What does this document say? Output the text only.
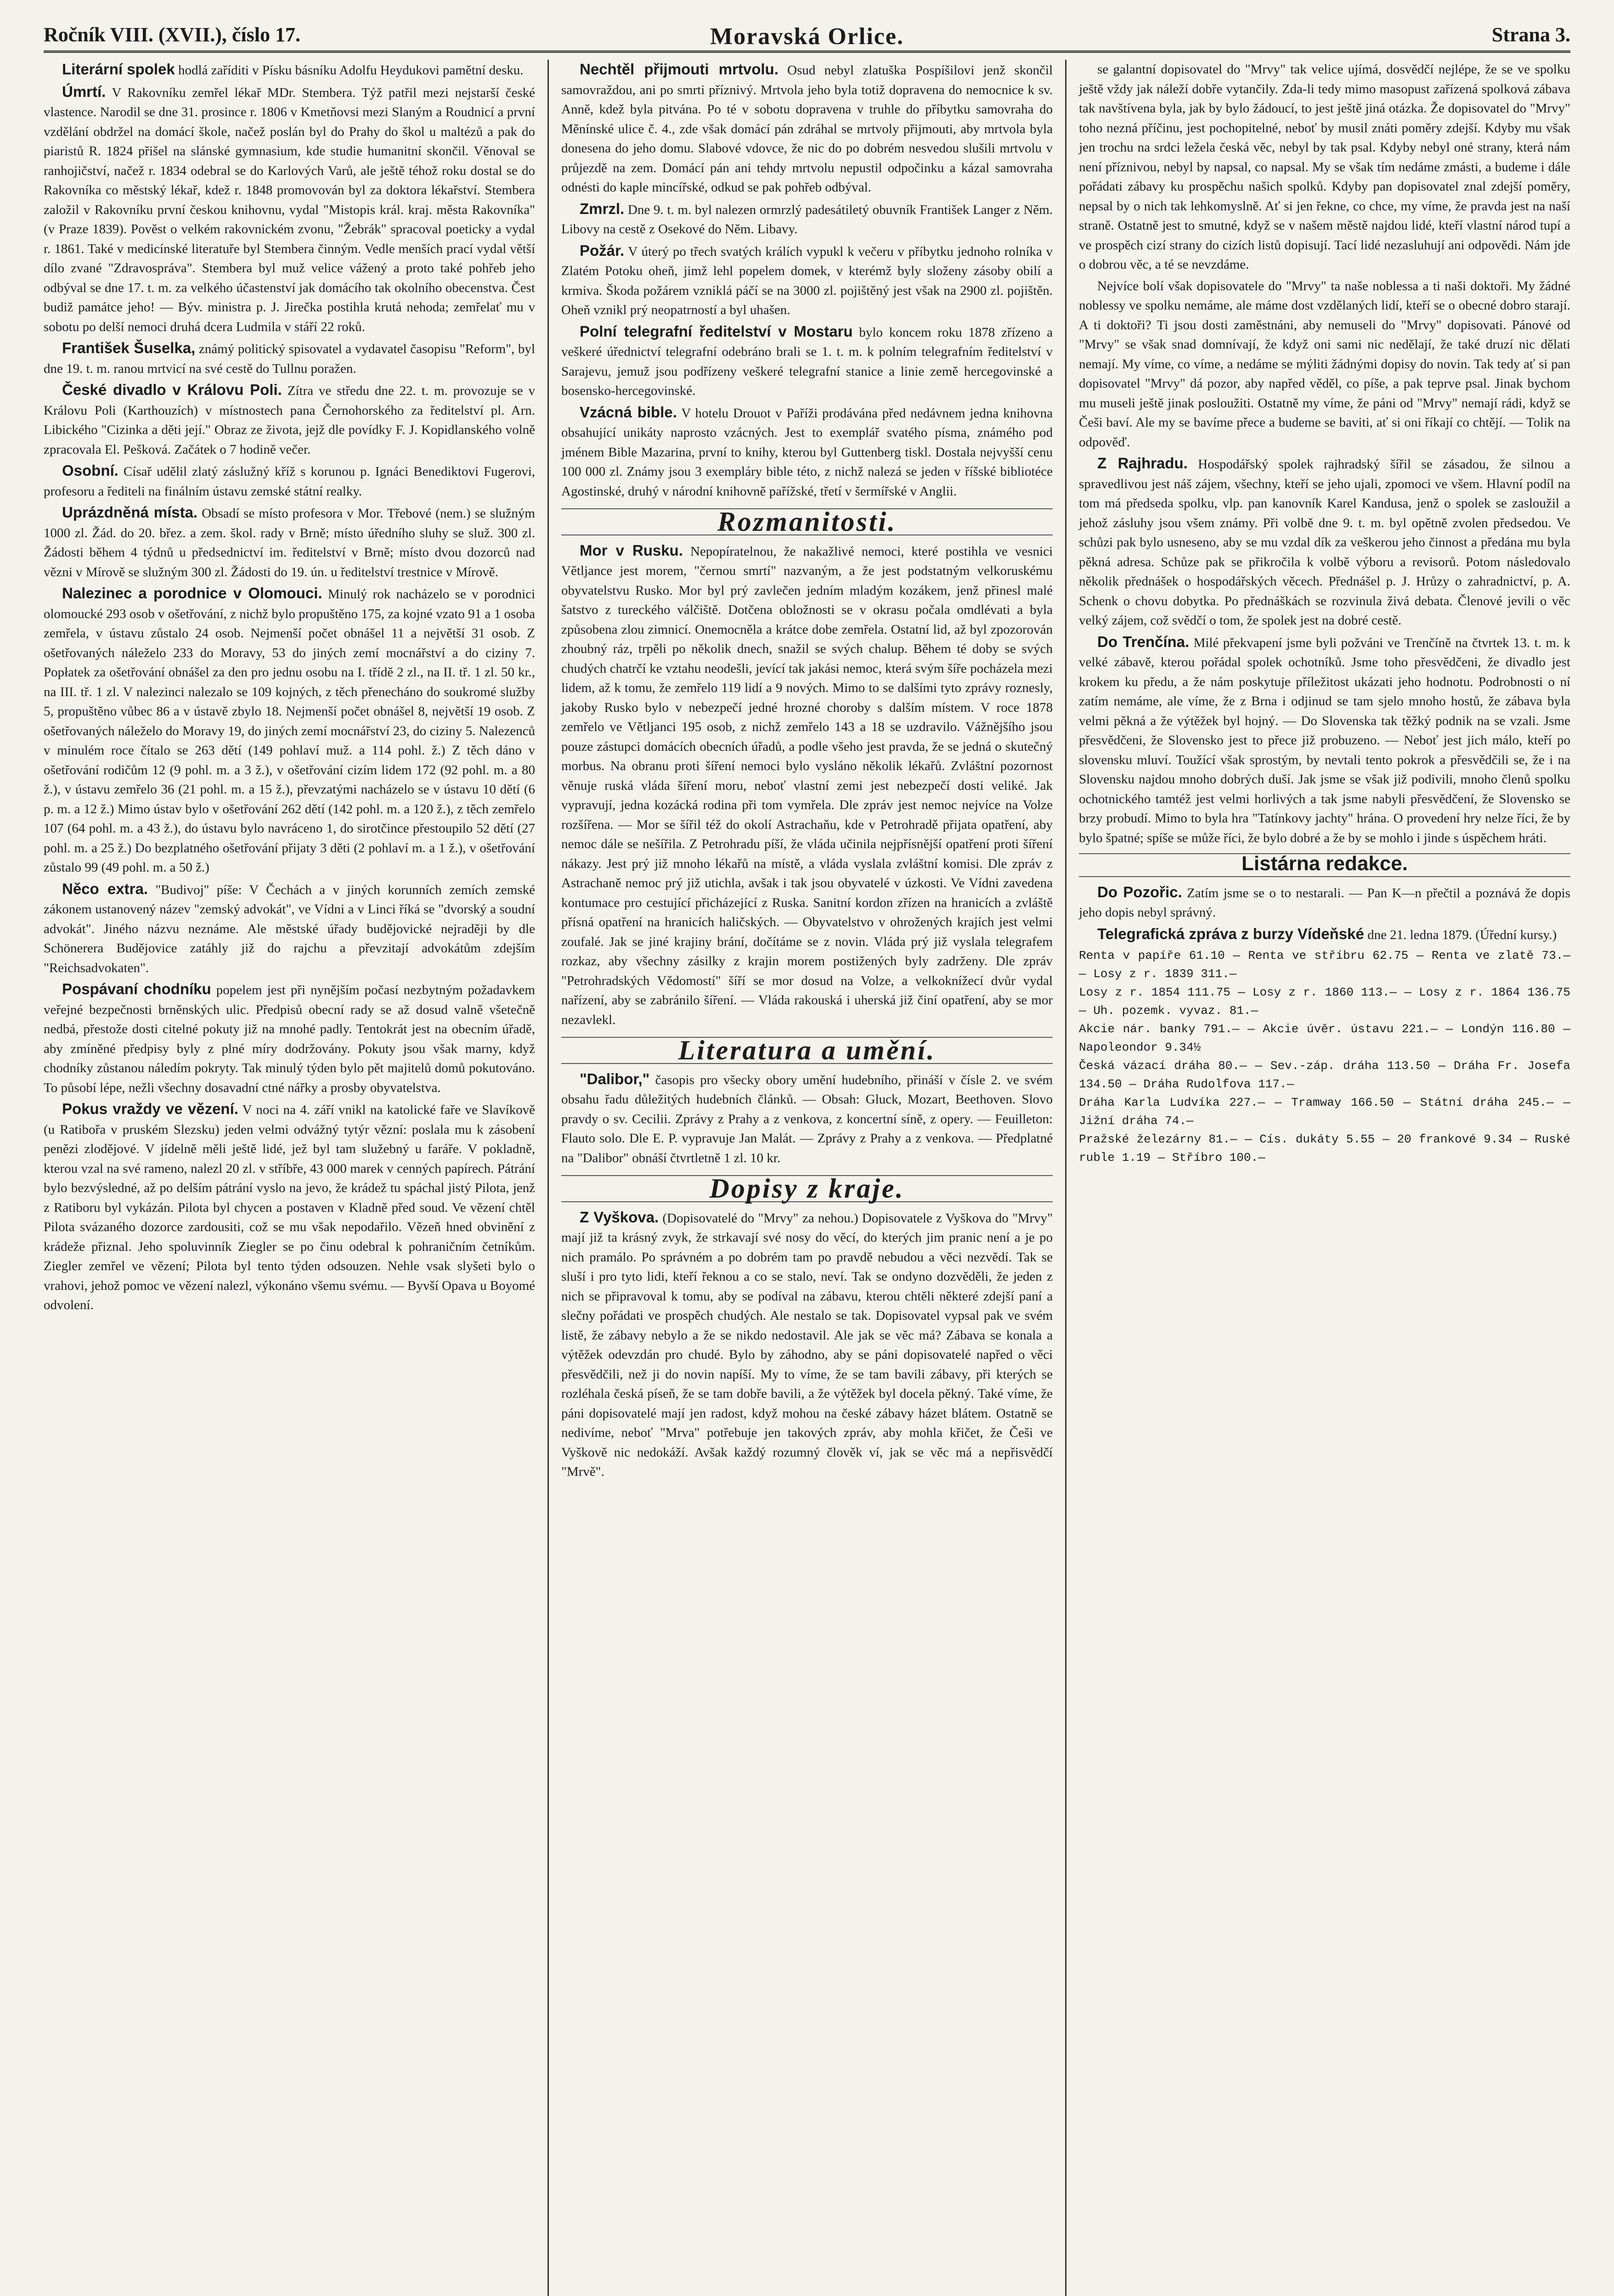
Ročník VIII. (XVII.), číslo 17.	Moravská Orlice.	Strana 3.

Literární spolek hodlá zaříditi v Písku básníku Adolfu Heydukovi pamětní desku.

Úmrtí. V Rakovníku zemřel lékař MDr. Stembera. Týž patřil mezi nejstarší české vlastence. Narodil se dne 31. prosince r. 1806 v Kmetňovsi mezi Slaným a Roudnicí a první vzdělání obdržel na domácí škole, načež poslán byl do Prahy do škol u maltézů a pak do piaristů R. 1824 přišel na slánské gymnasium, kde studie humanitní skončil. Věnoval se ranhojičství, načež r. 1834 odebral se do Karlových Varů, ale ještě téhož roku dostal se do Rakovníka co městský lékař, kdež r. 1848 promovován byl za doktora lékařství. Stembera založil v Rakovníku první českou knihovnu, vydal "Mistopis král. kraj. města Rakovníka" (v Praze 1839). Pověst o velkém rakovnickém zvonu, "Žebrák" spracoval poeticky a vydal r. 1861. Také v medicínské literatuře byl Stembera činným. Vedle menších prací vydal větší dílo zvané "Zdravospráva". Stembera byl muž velice vážený a proto také pohřeb jeho odbýval se dne 17. t. m. za velkého účastenství jak domácího tak okolního obecenstva. Čest budiž památce jeho! — Býv. ministra p. J. Jirečka postihla krutá nehoda; zemřelať mu v sobotu po delší nemoci druhá dcera Ludmila v stáří 22 roků.

František Šuselka, známý politický spisovatel a vydavatel časopisu "Reform", byl dne 19. t. m. ranou mrtvicí na své cestě do Tullnu poražen.

České divadlo v Královu Poli. Zítra ve středu dne 22. t. m. provozuje se v Královu Poli (Karthouzích) v místnostech pana Černohorského za ředitelství pl. Arn. Libického "Cizinka a děti její." Obraz ze života, jejž dle povídky F. J. Kopidlanského volně zpracovala El. Pešková. Začátek o 7 hodině večer.

Osobní. Císař udělil zlatý záslužný kříž s korunou p. Ignáci Benediktovi Fugerovi, profesoru a řediteli na finálním ústavu zemské státní realky.

Uprázdněná místa. Obsadí se místo profesora v Mor. Třebové (nem.) se služným 1000 zl. Žád. do 20. břez. a zem. škol. rady v Brně; místo úředního sluhy se služ. 300 zl. Žádosti během 4 týdnů u předsednictví im. ředitelství v Brně; místo dvou dozorců nad vězni v Mírově se služným 300 zl. Žádosti do 19. ún. u ředitelství trestnice v Mírově.

Nalezinec a porodnice v Olomouci. Minulý rok nacházelo se v porodnici olomoucké 293 osob v ošetřování, z nichž bylo propuštěno 175, za kojné vzato 91 a 1 osoba zemřela, v ústavu zůstalo 24 osob. Nejmenší počet obnášel 11 a největší 31 osob. Z ošetřovaných náleželo 233 do Moravy, 53 do jiných zemí mocnářství a do ciziny 7. Popłatek za ošetřování obnášel za den pro jednu osobu na I. třídě 2 zl., na II. tř. 1 zl. 50 kr., na III. tř. 1 zl. V nalezinci nalezalo se 109 kojných, z těch přenecháno do soukromé služby 5, propuštěno vůbec 86 a v ústavě zbylo 18. Nejmenší počet obnášel 8, největší 19 osob. Z ošetřovaných náleželo do Moravy 19, do jiných zemí mocnářství 23, do ciziny 5. Nalezenců v minulém roce čítalo se 263 dětí (149 pohlaví muž. a 114 pohl. ž.) Z těch dáno v ošetřování rodičům 12 (9 pohl. m. a 3 ž.), v ošetřování cizím lidem 172 (92 pohl. m. a 80 ž.), v ústavu zemřelo 36 (21 pohl. m. a 15 ž.), převzatými nacházelo se v ústavu 10 dětí (6 p. m. a 12 ž.) Mimo ústav bylo v ošetřování 262 dětí (142 pohl. m. a 120 ž.), z těch zemřelo 107 (64 pohl. m. a 43 ž.), do ústavu bylo navráceno 1, do sirotčince přestoupilo 52 dětí (27 pohl. m. a 25 ž.) Do bezplatného ošetřování přijaty 3 děti (2 pohlaví m. a 1 ž.), v ošetřování zůstalo 99 (49 pohl. m. a 50 ž.)

Něco extra. "Budivoj" píše: V Čechách a v jiných korunních zemích zemské zákonem ustanovený název "zemský advokát", ve Vídni a v Linci říká se "dvorský a soudní advokát". Jiného názvu neznáme. Ale městské úřady budějovické nejraději by dle Schönerera Budějovice zatáhly již do rajchu a převzitají advokátům zdejším "Reichsadvokaten".

Pospávaní chodníku popelem jest při nynějším počasí nezbytným požadavkem veřejné bezpečnosti brněnských ulic. Předpisů obecní rady se až dosud valně všetečně nedbá, přestože dosti citelné pokuty již na mnohé padly. Tentokrát jest na obecním úřadě, aby zmíněné předpisy byly z plné míry dodržovány. Pokuty jsou však marny, když chodníky zůstanou náledím pokryty. Tak minulý týden bylo pět majitelů domů pokutováno. To působí lépe, nežli všechny dosavadní ctné nářky a prosby obyvatelstva.

Pokus vraždy ve vězení. V noci na 4. září vnikl na katolické faře ve Slavíkově (u Ratibořa v pruském Slezsku) jeden velmi odvážný tytýr vězní: poslala mu k zásobení penězi zlodějové. V jídelně měli ještě lidé, jež byl tam služebný u faráře. V pokladně, kterou vzal na své rameno, nalezl 20 zl. v stříbře, 43 000 marek v cenných papírech. Pátrání bylo bezvýsledné, až po delším pátrání vyslo na jevo, že krádež tu spáchal jistý Pilota, jenž z Ratiboru byl vykázán. Pilota byl chycen a postaven v Kladně před soud. Ve vězení chtěl Pilota svázaného dozorce zardousiti, což se mu však nepodařilo. Vězeň hned obvinění z krádeže přiznal. Jeho spoluvinník Ziegler se po činu odebral k pohraničním četníkům. Ziegler zemřel ve vězení; Pilota byl tento týden odsouzen. Nehle vsak slyšeti bylo o vrahovi, jehož pomoc ve vězení nalezl, výkonáno všemu svému. — Byvší Opava u Boyomé odvolení.

Nechtěl přijmouti mrtvolu. Osud nebyl zlatuška Pospíšilovi jenž skončil samovraždou, ani po smrti příznivý. Mrtvola jeho byla totiž dopravena do nemocnice k sv. Anně, kdež byla pitvána. Po té v sobotu dopravena v truhle do příbytku samovraha do Měnínské ulice č. 4., zde však domácí pán zdráhal se mrtvoly přijmouti, aby mrtvola byla donesena do jeho domu. Slabové vdovce, že nic do po dobrém nesvedou slušili mrtvolu v průjezdě na zem. Domácí pán ani tehdy mrtvolu nepustil odpočinku a kázal samovraha odnésti do kaple mincířské, odkud se pak pohřeb odbýval.

Zmrzl. Dne 9. t. m. byl nalezen ormrzlý padesátiletý obuvník František Langer z Něm. Libovy na cestě z Osekové do Něm. Libavy.

Požár. V úterý po třech svatých králích vypukl k večeru v příbytku jednoho rolníka v Zlatém Potoku oheň, jimž lehl popelem domek, v kterémž byly složeny zásoby obilí a krmiva. Škoda požárem vzniklá páčí se na 3000 zl. pojištěný jest však na 2900 zl. pojištěn. Oheň vznikl prý neopatrností a byl uhašen.

Polní telegrafní ředitelství v Mostaru bylo koncem roku 1878 zřízeno a veškeré úřednictví telegrafní odebráno brali se 1. t. m. k polním telegrafním ředitelství v Sarajevu, jemuž jsou podřízeny veškeré telegrafní stanice a linie země hercegovinské a bosensko-hercegovinské.

Vzácná bible. V hotelu Drouot v Paříži prodávána před nedávnem jedna knihovna obsahující unikáty naprosto vzácných. Jest to exemplář svatého písma, známého pod jménem Bible Mazarina, první to knihy, kterou byl Guttenberg tiskl. Dostala nejvyšší cenu 100 000 zl. Známy jsou 3 exempláry bible této, z nichž nalezá se jeden v říšské bibliotéce Agostinské, druhý v národní knihovně pařížské, třetí v šermířské v Anglii.

Rozmanitosti.

Mor v Rusku. Nepopíratelnou, že nakažlivé nemoci, které postihla ve vesnici Větljance jest morem, "černou smrtí" nazvaným, a že jest podstatným velkoruskému obyvatelstvu Rusko. Mor byl prý zavlečen jedním mladým kozákem, jenž přinesl malé šatstvo z tureckého válčiště. Dotčena obložnosti se v okrasu počala omdlévati a byla způsobena zlou zimnicí. Onemocněla a krátce dobe zemřela. Ostatní lid, až byl zpozorován zhoubný ráz, trpěli po několik dnech, snažil se svých chalup. Během té doby se svých chudých chatrčí ke vztahu neodešli, jevící tak jakási nemoc, která svým šíře pocházela mezi lidem, až k tomu, že zemřelo 119 lidí a 9 nových. Mimo to se dalšími tyto zprávy roznesly, jakoby Rusko bylo v nebezpečí jedné hrozné choroby s dalším místem. V roce 1878 zemřelo ve Větljanci 195 osob, z nichž zemřelo 143 a 18 se uzdravilo. Vážnějšího jsou pouze zástupci domácích obecních úřadů, a podle všeho jest pravda, že se jedná o skutečný morbus. Na obranu proti šíření nemoci bylo vysláno několik lékařů. Zvláštní pozornost věnuje ruská vláda šíření moru, neboť vlastní zemi jest nebezpečí dosti veliké. Jak vypravují, jedna kozácká rodina při tom vymřela. Dle zpráv jest nemoc nejvíce na Volze rozšířena. — Mor se šířil též do okolí Astrachaňu, kde v Petrohradě přijata opatření, aby nemoc dále se nešířila. Z Petrohradu píší, že vláda učinila nejpřísnější opatření proti šíření nákazy. Jest prý již mnoho lékařů na místě, a vláda vyslala zvláštní komisi. Dle zpráv z Astrachaně nemoc prý již utichla, avšak i tak jsou obyvatelé v úzkosti. Ve Vídni zavedena kontumace pro cestující přicházející z Ruska. Sanitní kordon zřízen na hranicích a zvláště přísná opatření na hranicích haličských. — Obyvatelstvo v ohrožených krajích jest velmi zoufalé. Jak se jiné krajiny brání, dočítáme se z novin. Vláda prý již vyslala telegrafem rozkaz, aby všechny zásilky z krajin morem postižených byly zadrženy. Dle zpráv "Petrohradských Vědomostí" šíří se mor dosud na Volze, a velkoknížecí dvůr vydal nařízení, aby se zabránilo šíření. — Vláda rakouská i uherská již činí opatření, aby se mor nezavlekl.

Literatura a umění.

"Dalibor," časopis pro všecky obory umění hudebního, přináší v čísle 2. ve svém obsahu řadu důležitých hudebních článků. — Obsah: Gluck, Mozart, Beethoven. Slovo pravdy o sv. Cecilii. Zprávy z Prahy a z venkova, z koncertní síně, z opery. — Feuilleton: Flauto solo. Dle E. P. vypravuje Jan Malát. — Zprávy z Prahy a z venkova. — Předplatné na "Dalibor" obnáší čtvrtletně 1 zl. 10 kr.

Dopisy z kraje.

Z Vyškova. (Dopisovatelé do "Mrvy" za nehou.) Dopisovatele z Vyškova do "Mrvy" mají již ta krásný zvyk, že strkavají své nosy do věcí, do kterých jim pranic není a je po nich pramálo. Po správném a po dobrém tam po pravdě nebudou a věci nezvědí. Tak se sluší i pro tyto lidi, kteří řeknou a co se stalo, neví. Tak se ondyno dozvěděli, že jeden z nich se připravoval k tomu, aby se podíval na zábavu, kterou chtěli některé zdejší paní a slečny pořádati ve prospěch chudých. Ale nestalo se tak. Dopisovatel vypsal pak ve svém listě, že zábavy nebylo a že se nikdo nedostavil. Ale jak se věc má? Zábava se konala a výtěžek odevzdán pro chudé. Bylo by záhodno, aby se páni dopisovatelé napřed o věci přesvědčili, než ji do novin napíší. My to víme, že se tam bavili zábavy, při kterých se rozléhala česká píseň, že se tam dobře bavili, a že výtěžek byl docela pěkný. Také víme, že páni dopisovatelé mají jen radost, když mohou na české zábavy házet blátem. Ostatně se nedivíme, neboť "Mrva" potřebuje jen takových zpráv, aby mohla křičet, že Češi ve Vyškově nic nedokáží. Avšak každý rozumný člověk ví, jak se věc má a nepřisvědčí "Mrvě".

se galantní dopisovatel do "Mrvy" tak velice ujímá, dosvědčí nejlépe, že se ve spolku ještě vždy jak náleží dobře vytančily. Zda-li tedy mimo masopust zařízená spolková zábava tak navštívena byla, jak by bylo žádoucí, to jest ještě jiná otázka. Že dopisovatel do "Mrvy" toho nezná příčinu, jest pochopitelné, neboť by musil znáti poměry zdejší. Kdyby mu však jen trochu na srdci ležela česká věc, nebyl by tak psal. Kdyby nebyl oné strany, která nám není příznivou, nebyl by napsal, co napsal. My se však tím nedáme zmásti, a budeme i dále pořádati zábavy ku prospěchu našich spolků. Kdyby pan dopisovatel znal zdejší poměry, nepsal by o nich tak lehkomyslně. Ať si jen řekne, co chce, my víme, že pravda jest na naší straně. Ostatně jest to smutné, když se v našem městě najdou lidé, kteří vlastní národ tupí a ve prospěch cizí strany do cizích listů dopisují. Tací lidé nezasluhují ani odpovědi. Nám jde o dobrou věc, a té se nevzdáme.

Nejvíce bolí však dopisovatele do "Mrvy" ta naše noblessa a ti naši doktoři. My žádné noblessy ve spolku nemáme, ale máme dost vzdělaných lidí, kteří se o obecné dobro starají. A ti doktoři? Ti jsou dosti zaměstnáni, aby nemuseli do "Mrvy" dopisovati. Pánové od "Mrvy" se však snad domnívají, že když oni sami nic nedělají, že také druzí nic dělati nemají. My víme, co víme, a nedáme se mýliti žádnými dopisy do novin. Tak tedy ať si pan dopisovatel "Mrvy" dá pozor, aby napřed věděl, co píše, a pak teprve psal. Jinak bychom mu museli ještě jinak posloužiti. Ostatně my víme, že páni od "Mrvy" nemají rádi, když se Češi baví. Ale my se bavíme přece a budeme se baviti, ať si oni říkají co chtějí. — Tolik na odpověď.

Z Rajhradu. Hospodářský spolek rajhradský šířil se zásadou, že silnou a spravedlivou jest náš zájem, všechny, kteří se jeho ujali, zpomoci ve všem. Hlavní podíl na tom má předseda spolku, vlp. pan kanovník Karel Kandusa, jenž o spolek se zasloužil a jehož zásluhy jsou všem známy. Při volbě dne 9. t. m. byl opětně zvolen předsedou. Ve schůzi pak bylo usneseno, aby se mu vzdal dík za veškerou jeho činnost a předána mu byla pěkná adresa. Schůze pak se přikročila k volbě výboru a revisorů. Potom následovalo několik přednášek o hospodářských věcech. Přednášel p. J. Hrůzy o zahradnictví, p. A. Schenk o chovu dobytka. Po přednáškách se rozvinula živá debata. Členové jevili o věc velký zájem, což svědčí o tom, že spolek jest na dobré cestě.

Do Trenčína. Milé překvapení jsme byli požváni ve Trenčíně na čtvrtek 13. t. m. k velké zábavě, kterou pořádal spolek ochotníků. Jsme toho přesvědčeni, že divadlo jest krokem ku předu, a že nám poskytuje příležitost ukázati jeho hodnotu. Podrobnosti o ní zatím nemáme, ale víme, že z Brna i odjinud se tam sjelo mnoho hostů, že zábava byla velmi pěkná a že výtěžek byl hojný. — Do Slovenska tak těžký podnik na se vzali. Jsme přesvědčeni, že Slovensko jest to přece již probuzeno. — Neboť jest jich málo, kteří po slovensku mluví. Toužící však sprostým, by nevtali tento pokrok a přesvědčili se, že i na Slovensku najdou mnoho dobrých duší. Jak jsme se však již podivili, mnoho členů spolku ochotnického tamtéž jest velmi horlivých a tak jsme nabyli přesvědčení, že Slovensko se brzy probudí. Mimo to byla hra "Tatínkovy jachty" hrána. O provedení hry nelze říci, že by bylo špatné; spíše se může říci, že bylo dobré a že by se mohlo i jinde s úspěchem hráti.

Listárna redakce.

Do Pozořic. Zatím jsme se o to nestarali. — Pan K—n přečtil a poznává že dopis jeho dopis nebyl správný.

Telegrafická zpráva z burzy Vídeňské dne 21. ledna 1879. (Úřední kursy.)

Renta v papíře 61.10 — Renta ve stříbru 62.75 — Renta ve zlatě 73.— — Losy z r. 1839 311.—
Losy z r. 1854 111.75 — Losy z r. 1860 113.— — Losy z r. 1864 136.75 — Uh. pozemk. vyvaz. 81.—
Akcie nár. banky 791.— — Akcie úvěr. ústavu 221.— — Londýn 116.80 — Napoleondor 9.34½
Česká vázací dráha 80.— — Sev.-záp. dráha 113.50 — Dráha Fr. Josefa 134.50 — Dráha Rudolfova 117.—
Dráha Karla Ludvíka 227.— — Tramway 166.50 — Státní dráha 245.— — Jižní dráha 74.—
Pražské železárny 81.— — Cís. dukáty 5.55 — 20 frankové 9.34 — Ruské ruble 1.19 — Stříbro 100.—
